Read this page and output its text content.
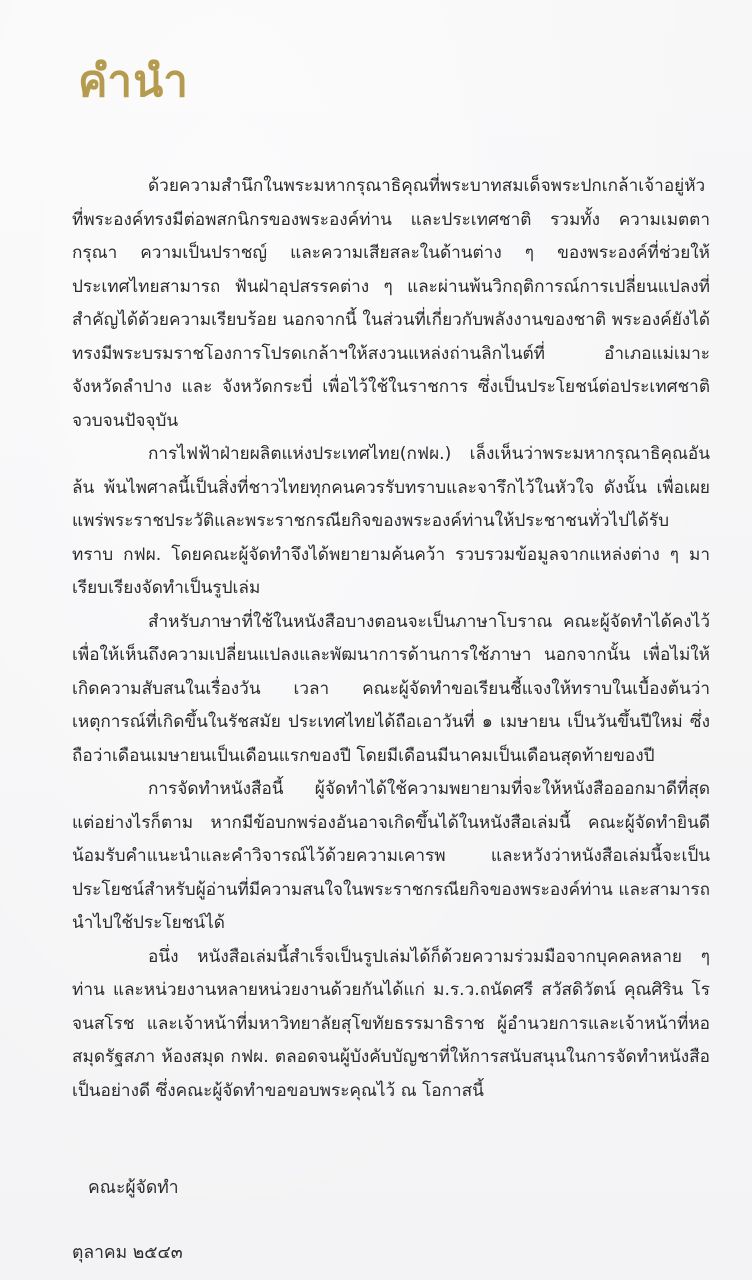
คำนำ

ด้วยความสำนึกในพระมหากรุณาธิคุณที่พระบาทสมเด็จพระปกเกล้าเจ้าอยู่หัวที่พระองค์ทรงมีต่อพสกนิกรของพระองค์ท่าน และประเทศชาติ รวมทั้ง ความเมตตากรุณา ความเป็นปราชญ์ และความเสียสละในด้านต่าง ๆ ของพระองค์ที่ช่วยให้ประเทศไทยสามารถ ฟันฝ่าอุปสรรคต่าง ๆ และผ่านพ้นวิกฤติการณ์การเปลี่ยนแปลงที่สำคัญได้ด้วยความเรียบร้อย นอกจากนี้ ในส่วนที่เกี่ยวกับพลังงานของชาติ พระองค์ยังได้ทรงมีพระบรมราชโองการโปรดเกล้าฯให้สงวนแหล่งถ่านลิกไนต์ที่ อำเภอแม่เมาะ จังหวัดลำปาง และ จังหวัดกระบี่ เพื่อไว้ใช้ในราชการ ซึ่งเป็นประโยชน์ต่อประเทศชาติจวบจนปัจจุบัน

การไฟฟ้าฝ่ายผลิตแห่งประเทศไทย(กฟผ.) เล็งเห็นว่าพระมหากรุณาธิคุณอันล้น พ้นไพศาลนี้เป็นสิ่งที่ชาวไทยทุกคนควรรับทราบและจารึกไว้ในหัวใจ ดังนั้น เพื่อเผยแพร่พระราชประวัติและพระราชกรณียกิจของพระองค์ท่านให้ประชาชนทั่วไปได้รับทราบ กฟผ. โดยคณะผู้จัดทำจึงได้พยายามค้นคว้า รวบรวมข้อมูลจากแหล่งต่าง ๆ มาเรียบเรียงจัดทำเป็นรูปเล่ม

สำหรับภาษาที่ใช้ในหนังสือบางตอนจะเป็นภาษาโบราณ คณะผู้จัดทำได้คงไว้เพื่อให้เห็นถึงความเปลี่ยนแปลงและพัฒนาการด้านการใช้ภาษา นอกจากนั้น เพื่อไม่ให้เกิดความสับสนในเรื่องวัน เวลา คณะผู้จัดทำขอเรียนชี้แจงให้ทราบในเบื้องต้นว่าเหตุการณ์ที่เกิดขึ้นในรัชสมัย ประเทศไทยได้ถือเอาวันที่ ๑ เมษายน เป็นวันขึ้นปีใหม่ ซึ่งถือว่าเดือนเมษายนเป็นเดือนแรกของปี โดยมีเดือนมีนาคมเป็นเดือนสุดท้ายของปี

การจัดทำหนังสือนี้ ผู้จัดทำได้ใช้ความพยายามที่จะให้หนังสือออกมาดีที่สุด แต่อย่างไรก็ตาม หากมีข้อบกพร่องอันอาจเกิดขึ้นได้ในหนังสือเล่มนี้ คณะผู้จัดทำยินดีน้อมรับคำแนะนำและคำวิจารณ์ไว้ด้วยความเคารพ และหวังว่าหนังสือเล่มนี้จะเป็นประโยชน์สำหรับผู้อ่านที่มีความสนใจในพระราชกรณียกิจของพระองค์ท่าน และสามารถนำไปใช้ประโยชน์ได้

อนึ่ง หนังสือเล่มนี้สำเร็จเป็นรูปเล่มได้ก็ด้วยความร่วมมือจากบุคคลหลาย ๆ ท่าน และหน่วยงานหลายหน่วยงานด้วยกันได้แก่ ม.ร.ว.ถนัดศรี สวัสดิวัตน์ คุณศิริน โรจนสโรช และเจ้าหน้าที่มหาวิทยาลัยสุโขทัยธรรมาธิราช ผู้อำนวยการและเจ้าหน้าที่หอสมุดรัฐสภา ห้องสมุด กฟผ. ตลอดจนผู้บังคับบัญชาที่ให้การสนับสนุนในการจัดทำหนังสือเป็นอย่างดี ซึ่งคณะผู้จัดทำขอขอบพระคุณไว้ ณ โอกาสนี้

คณะผู้จัดทำ
ตุลาคม ๒๕๔๓
